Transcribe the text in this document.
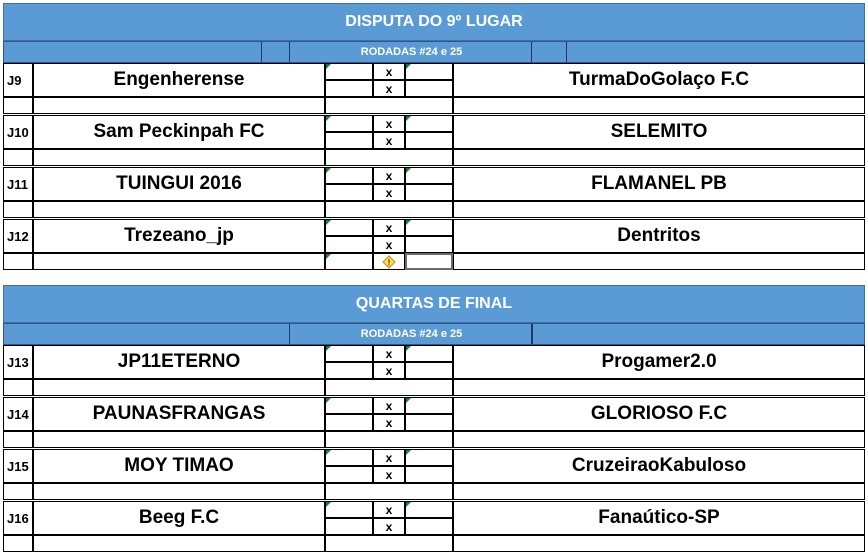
DISPUTA DO 9º LUGAR
RODADAS #24 e 25
J9	Engenherense	x
x	TurmaDoGolaço F.C
J10	Sam Peckinpah FC	x
x	SELEMITO
J11	TUINGUI 2016	x
x	FLAMANEL PB
J12	Trezeano_jp	x
x	Dentritos
QUARTAS DE FINAL
RODADAS #24 e 25
J13	JP11ETERNO	x
x	Progamer2.0
J14	PAUNASFRANGAS	x
x	GLORIOSO F.C
J15	MOY TIMAO	x
x	CruzeiraoKabuloso
J16	Beeg F.C	x
x	Fanaútico-SP
